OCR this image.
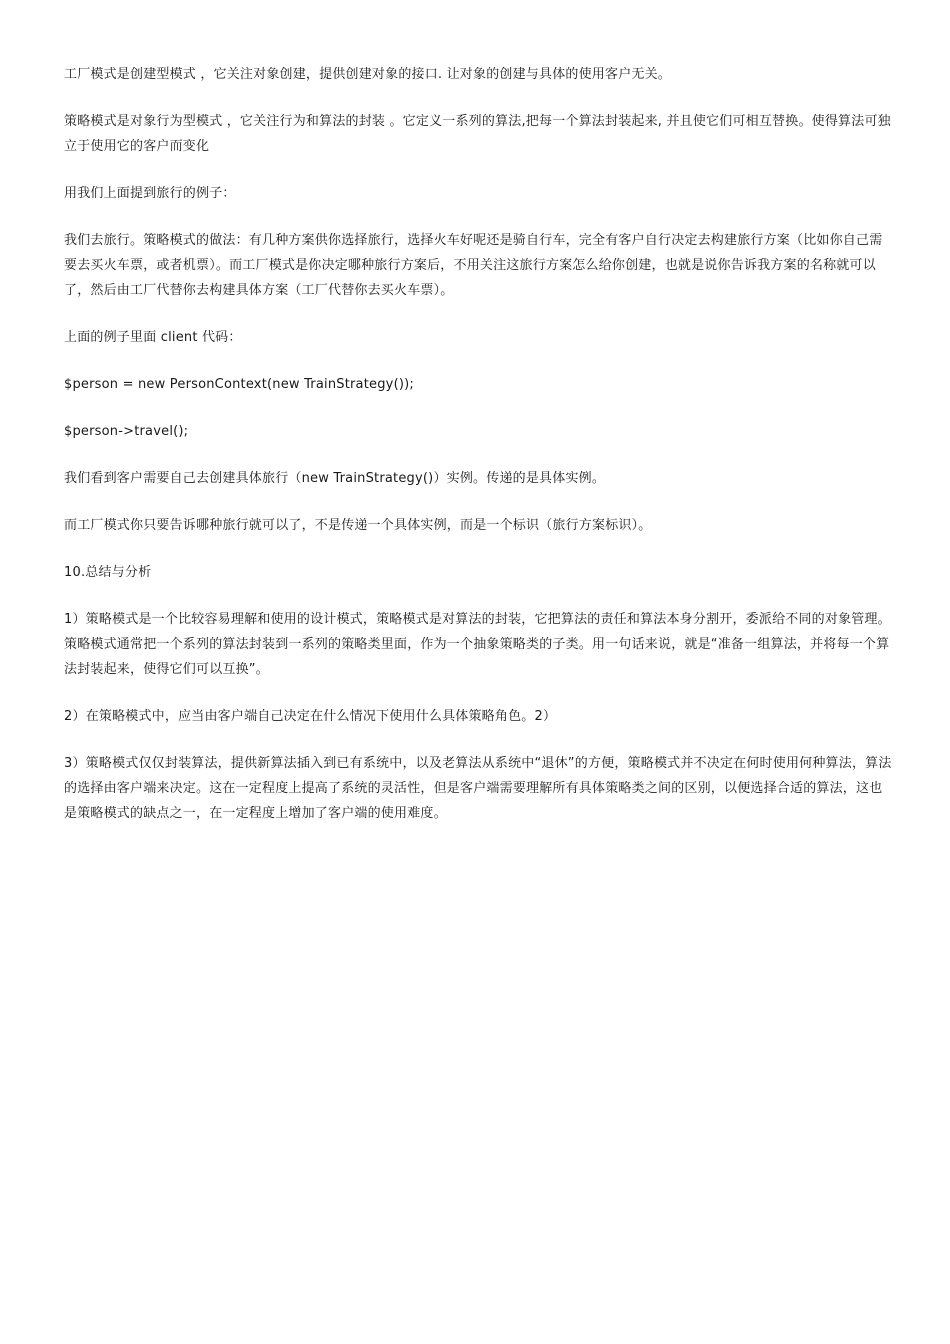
工厂模式是创建型模式 ，它关注对象创建，提供创建对象的接口. 让对象的创建与具体的使用客户无关。

策略模式是对象行为型模式 ，它关注行为和算法的封装 。它定义一系列的算法,把每一个算法封装起来, 并且使它们可相互替换。使得算法可独立于使用它的客户而变化

用我们上面提到旅行的例子：

我们去旅行。策略模式的做法：有几种方案供你选择旅行，选择火车好呢还是骑自行车，完全有客户自行决定去构建旅行方案（比如你自己需要去买火车票，或者机票）。而工厂模式是你决定哪种旅行方案后，不用关注这旅行方案怎么给你创建，也就是说你告诉我方案的名称就可以了，然后由工厂代替你去构建具体方案（工厂代替你去买火车票）。

上面的例子里面 client 代码：

$person = new PersonContext(new TrainStrategy());

$person->travel();

我们看到客户需要自己去创建具体旅行（new TrainStrategy()）实例。传递的是具体实例。

而工厂模式你只要告诉哪种旅行就可以了，不是传递一个具体实例，而是一个标识（旅行方案标识）。

10.总结与分析

1）策略模式是一个比较容易理解和使用的设计模式，策略模式是对算法的封装，它把算法的责任和算法本身分割开，委派给不同的对象管理。策略模式通常把一个系列的算法封装到一系列的策略类里面，作为一个抽象策略类的子类。用一句话来说，就是“准备一组算法，并将每一个算法封装起来，使得它们可以互换”。

2）在策略模式中，应当由客户端自己决定在什么情况下使用什么具体策略角色。2）

3）策略模式仅仅封装算法，提供新算法插入到已有系统中，以及老算法从系统中“退休”的方便，策略模式并不决定在何时使用何种算法，算法的选择由客户端来决定。这在一定程度上提高了系统的灵活性，但是客户端需要理解所有具体策略类之间的区别，以便选择合适的算法，这也是策略模式的缺点之一，在一定程度上增加了客户端的使用难度。
